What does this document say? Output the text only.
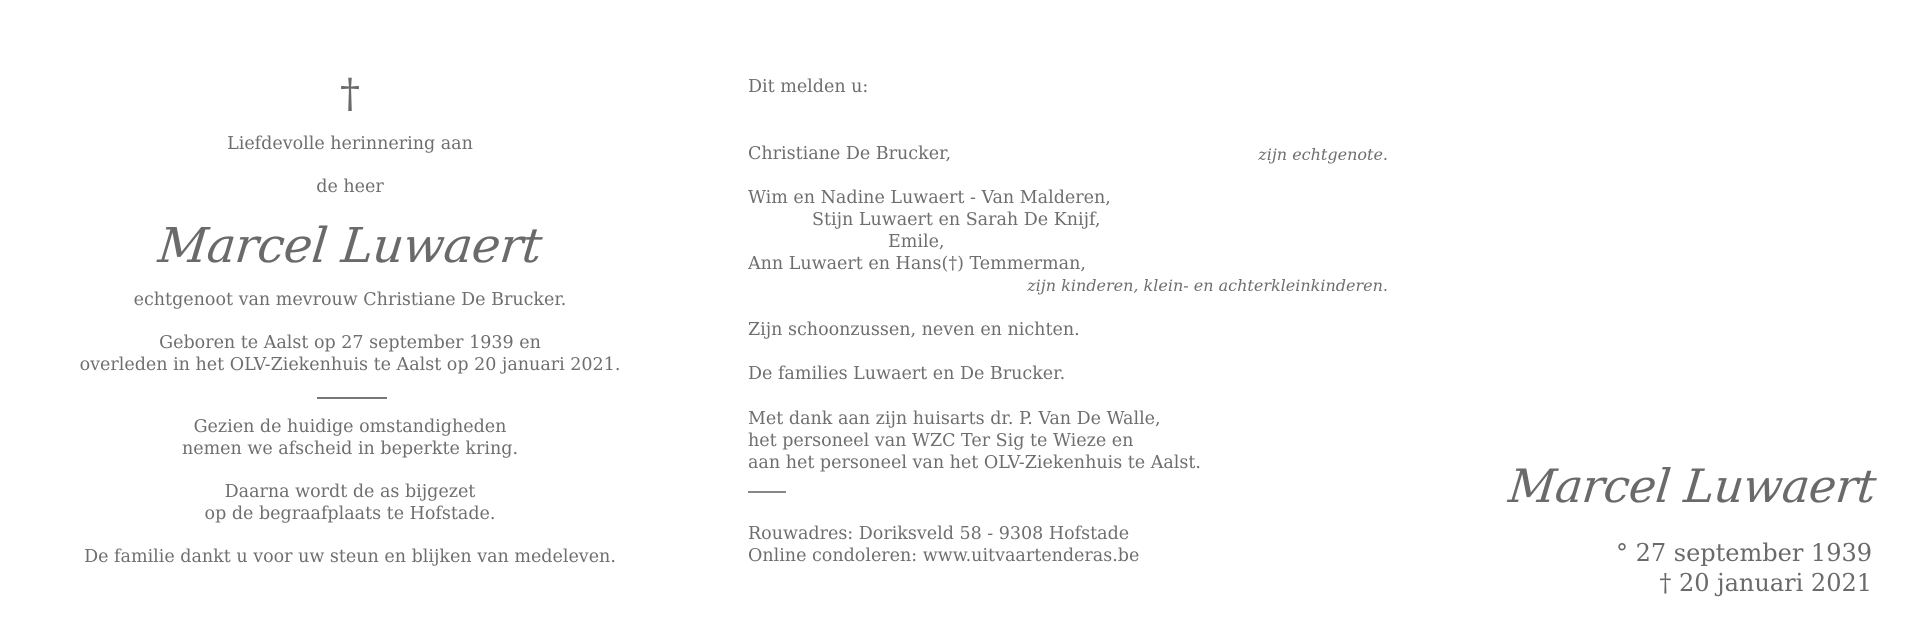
†
Liefdevolle herinnering aan
de heer
Marcel Luwaert
echtgenoot van mevrouw Christiane De Brucker.
Geboren te Aalst op 27 september 1939 en
overleden in het OLV-Ziekenhuis te Aalst op 20 januari 2021.
Gezien de huidige omstandigheden
nemen we afscheid in beperkte kring.
Daarna wordt de as bijgezet
op de begraafplaats te Hofstade.
De familie dankt u voor uw steun en blijken van medeleven.
Dit melden u:
Christiane De Brucker,	zijn echtgenote.
Wim en Nadine Luwaert - Van Malderen,
Stijn Luwaert en Sarah De Knijf,
Emile,
Ann Luwaert en Hans(†) Temmerman,
zijn kinderen, klein- en achterkleinkinderen.
Zijn schoonzussen, neven en nichten.
De families Luwaert en De Brucker.
Met dank aan zijn huisarts dr. P. Van De Walle,
het personeel van WZC Ter Sig te Wieze en
aan het personeel van het OLV-Ziekenhuis te Aalst.
Rouwadres: Doriksveld 58 - 9308 Hofstade
Online condoleren: www.uitvaartenderas.be
Marcel Luwaert
° 27 september 1939
† 20 januari 2021
